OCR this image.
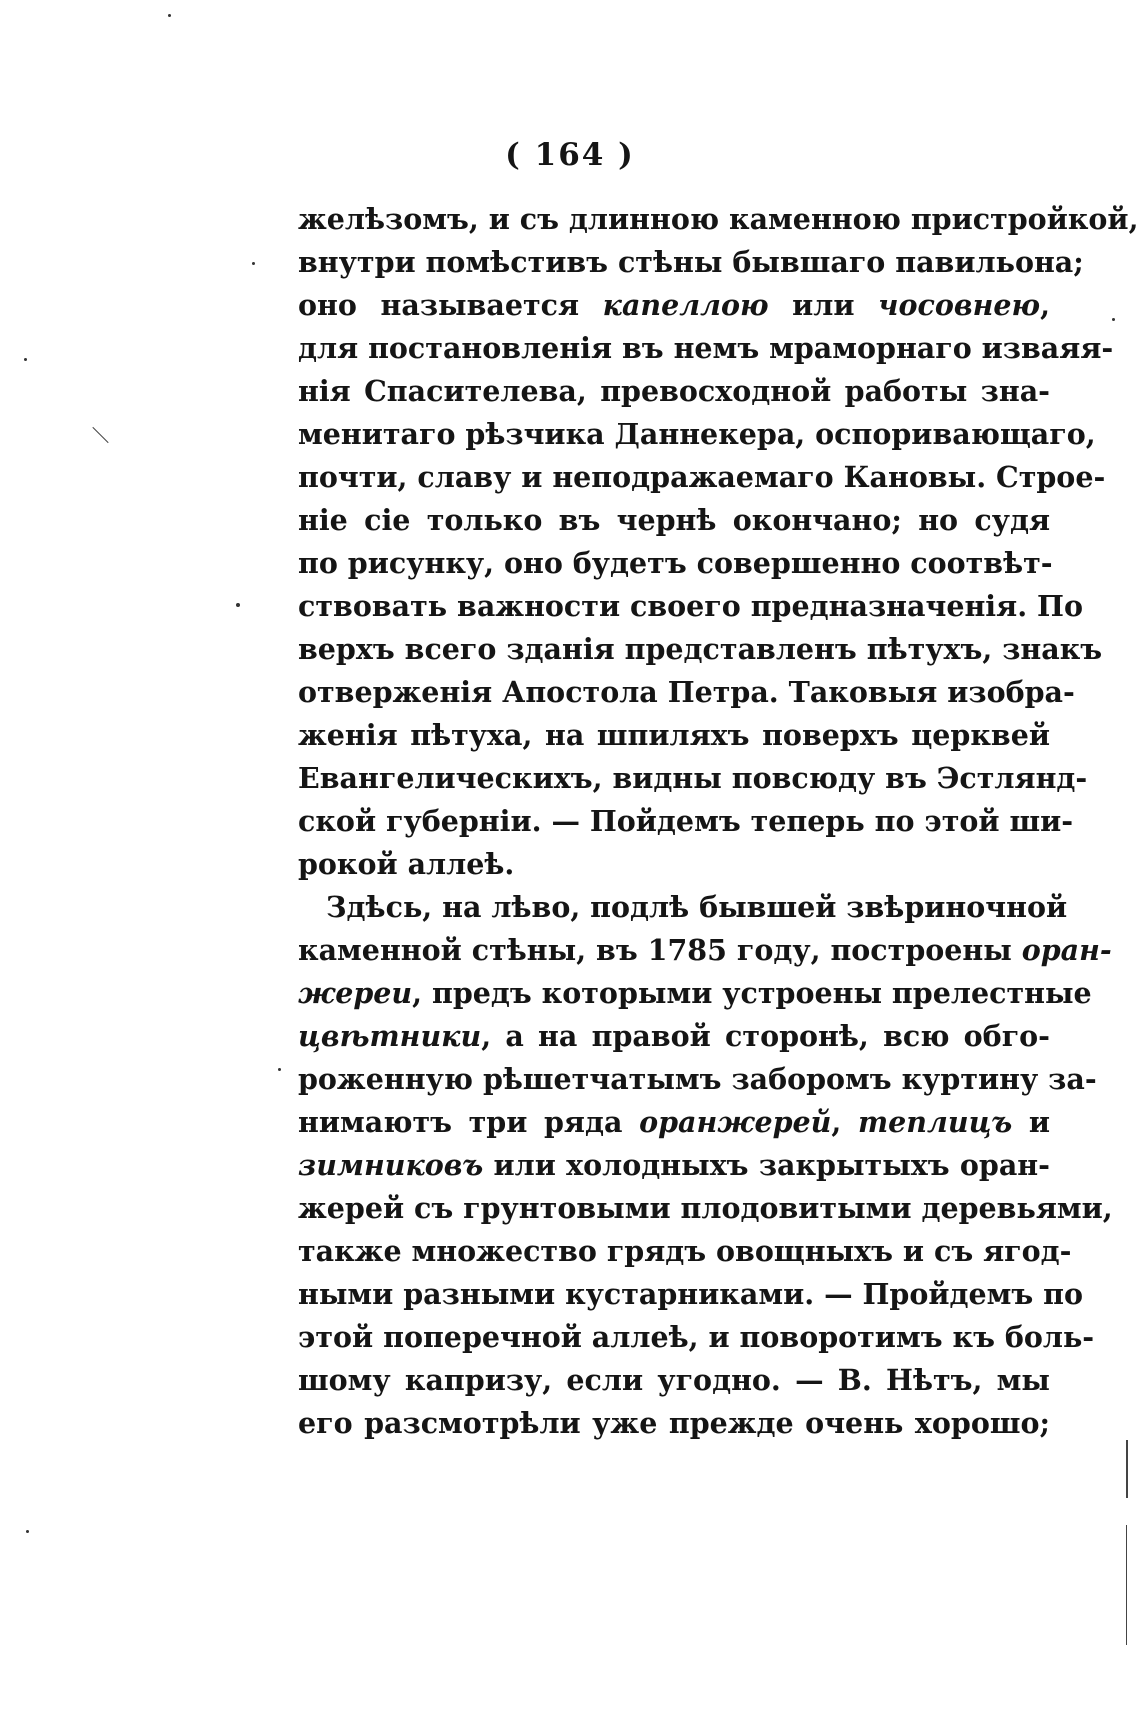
( 164 )
желѣзомъ, и съ длинною каменною пристройкой,
внутри помѣстивъ стѣны бывшаго павильона;
оно называется капеллою или чосовнею,
для постановленія въ немъ мраморнаго изваяя-
нія Спасителева, превосходной работы зна-
менитаго рѣзчика Даннекера, оспоривающаго,
почти, славу и неподражаемаго Кановы. Строе-
ніе сіе только въ чернѣ окончано; но судя
по рисунку, оно будетъ совершенно соотвѣт-
ствовать важности своего предназначенія. По
верхъ всего зданія представленъ пѣтухъ, знакъ
отверженія Апостола Петра. Таковыя изобра-
женія пѣтуха, на шпиляхъ поверхъ церквей
Евангелическихъ, видны повсюду въ Эстлянд-
ской губерніи. — Пойдемъ теперь по этой ши-
рокой аллеѣ.
Здѣсь, на лѣво, подлѣ бывшей звѣриночной
каменной стѣны, въ 1785 году, построены оран-
жереи, предъ которыми устроены прелестные
цвѣтники, а на правой сторонѣ, всю обго-
роженную рѣшетчатымъ заборомъ куртину за-
нимаютъ три ряда оранжерей, теплицъ и
зимниковъ или холодныхъ закрытыхъ оран-
жерей съ грунтовыми плодовитыми деревьями,
также множество грядъ овощныхъ и съ ягод-
ными разными кустарниками. — Пройдемъ по
этой поперечной аллеѣ, и поворотимъ къ боль-
шому капризу, если угодно. — В. Нѣтъ, мы
его разсмотрѣли уже прежде очень хорошо;
